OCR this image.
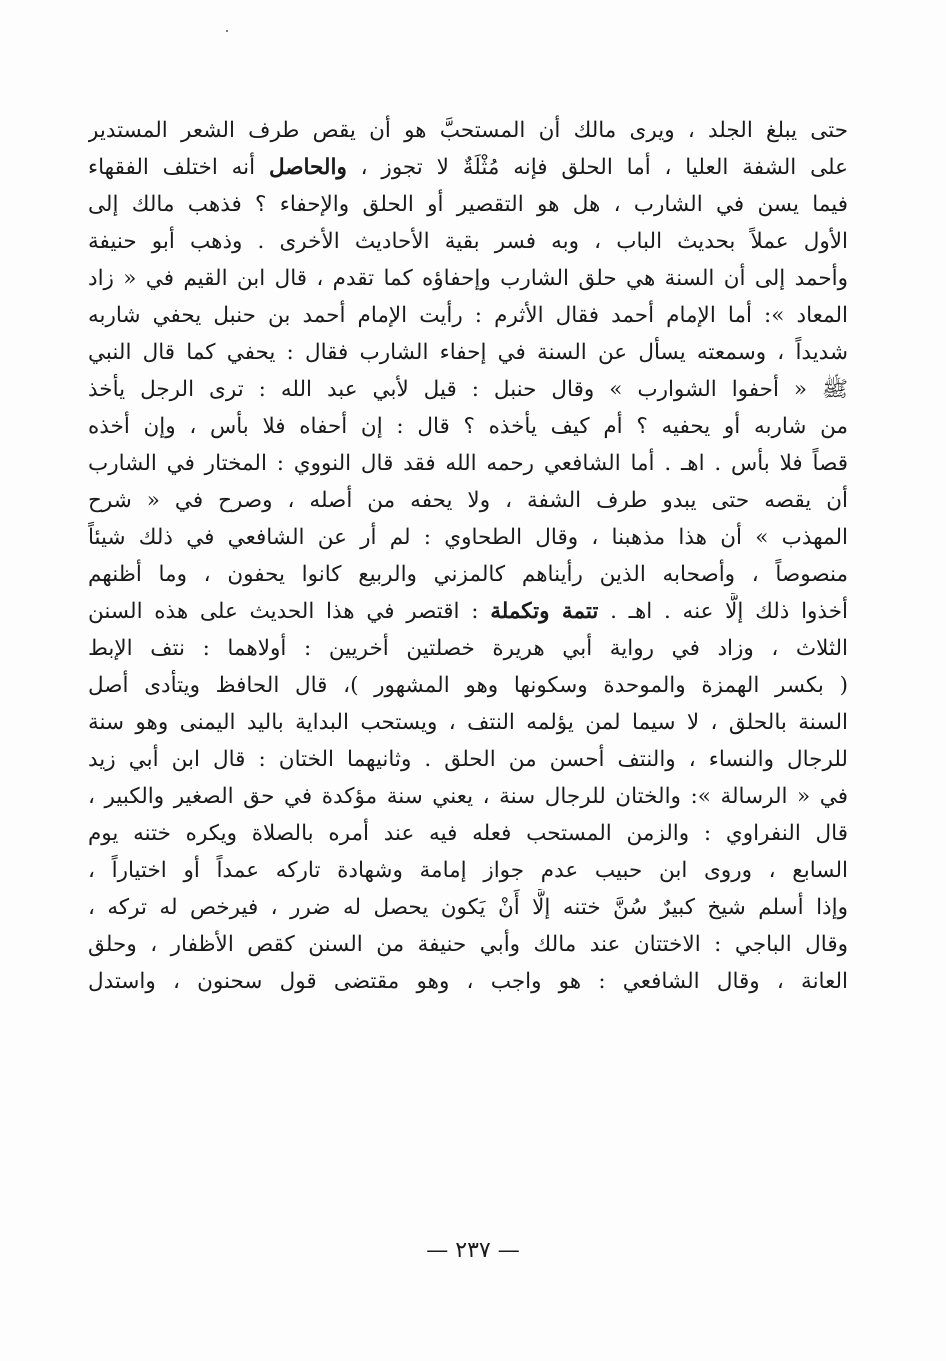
حتى يبلغ الجلد ، ويرى مالك أن المستحبَّ هو أن يقص طرف الشعر المستدير
على الشفة العليا ، أما الحلق فإنه مُثْلَةٌ لا تجوز ، والحاصل أنه اختلف الفقهاء
فيما يسن في الشارب ، هل هو التقصير أو الحلق والإحفاء ؟ فذهب مالك إلى
الأول عملاً بحديث الباب ، وبه فسر بقية الأحاديث الأخرى . وذهب أبو حنيفة
وأحمد إلى أن السنة هي حلق الشارب وإحفاؤه كما تقدم ، قال ابن القيم في « زاد
المعاد »: أما الإمام أحمد فقال الأثرم : رأيت الإمام أحمد بن حنبل يحفي شاربه
شديداً ، وسمعته يسأل عن السنة في إحفاء الشارب فقال : يحفي كما قال النبي
ﷺ « أحفوا الشوارب » وقال حنبل : قيل لأبي عبد الله : ترى الرجل يأخذ
من شاربه أو يحفيه ؟ أم كيف يأخذه ؟ قال : إن أحفاه فلا بأس ، وإن أخذه
قصاً فلا بأس . اهـ . أما الشافعي رحمه الله فقد قال النووي : المختار في الشارب
أن يقصه حتى يبدو طرف الشفة ، ولا يحفه من أصله ، وصرح في « شرح
المهذب » أن هذا مذهبنا ، وقال الطحاوي : لم أر عن الشافعي في ذلك شيئاً
منصوصاً ، وأصحابه الذين رأيناهم كالمزني والربيع كانوا يحفون ، وما أظنهم
أخذوا ذلك إلَّا عنه . اهـ . تتمة وتكملة : اقتصر في هذا الحديث على هذه السنن
الثلاث ، وزاد في رواية أبي هريرة خصلتين أخريين : أولاهما : نتف الإبط
( بكسر الهمزة والموحدة وسكونها وهو المشهور )، قال الحافظ ويتأدى أصل
السنة بالحلق ، لا سيما لمن يؤلمه النتف ، ويستحب البداية باليد اليمنى وهو سنة
للرجال والنساء ، والنتف أحسن من الحلق . وثانيهما الختان : قال ابن أبي زيد
في « الرسالة »: والختان للرجال سنة ، يعني سنة مؤكدة في حق الصغير والكبير ،
قال النفراوي : والزمن المستحب فعله فيه عند أمره بالصلاة ويكره ختنه يوم
السابع ، وروى ابن حبيب عدم جواز إمامة وشهادة تاركه عمداً أو اختياراً ،
وإذا أسلم شيخ كبيرٌ سُنَّ ختنه إلَّا أَنْ يَكون يحصل له ضرر ، فيرخص له تركه ،
وقال الباجي : الاختتان عند مالك وأبي حنيفة من السنن كقص الأظفار ، وحلق
العانة ، وقال الشافعي : هو واجب ، وهو مقتضى قول سحنون ، واستدل
— ٢٣٧ —
